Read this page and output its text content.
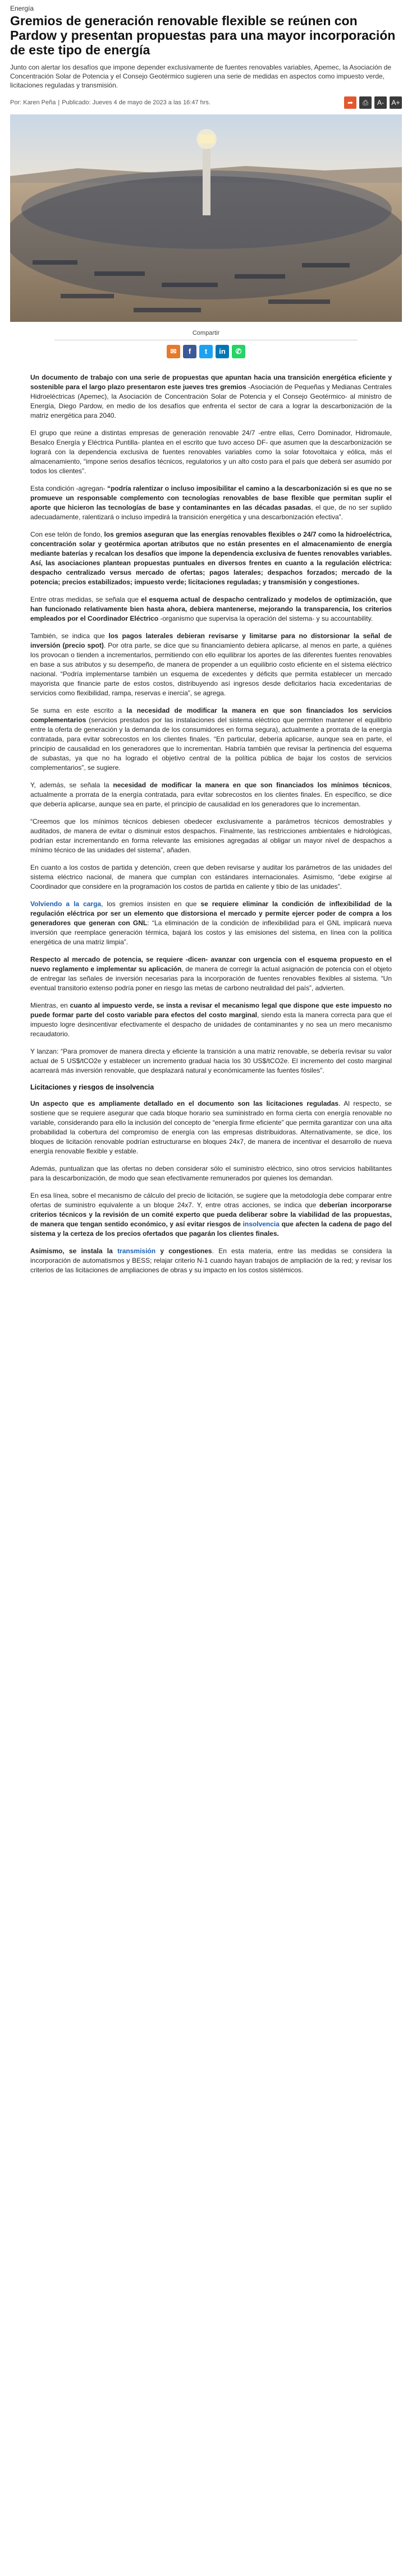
Energía
Gremios de generación renovable flexible se reúnen con Pardow y presentan propuestas para una mayor incorporación de este tipo de energía

Junto con alertar los desafíos que impone depender exclusivamente de fuentes renovables variables, Apemec, la Asociación de Concentración Solar de Potencia y el Consejo Geotérmico sugieren una serie de medidas en aspectos como impuesto verde, licitaciones reguladas y transmisión.

Por: Karen Peña | Publicado: Jueves 4 de mayo de 2023 a las 16:47 hrs.	➦	⎙	A-	A+
Compartir
✉	f	t	in	✆

Un documento de trabajo con una serie de propuestas que apuntan hacia una transición energética eficiente y sostenible para el largo plazo presentaron este jueves tres gremios -Asociación de Pequeñas y Medianas Centrales Hidroeléctricas (Apemec), la Asociación de Concentración Solar de Potencia y el Consejo Geotérmico- al ministro de Energía, Diego Pardow, en medio de los desafíos que enfrenta el sector de cara a lograr la descarbonización de la matriz energética para 2040.

El grupo que reúne a distintas empresas de generación renovable 24/7 -entre ellas, Cerro Dominador, Hidromaule, Besalco Energía y Eléctrica Puntilla- plantea en el escrito que tuvo acceso DF- que asumen que la descarbonización se logrará con la dependencia exclusiva de fuentes renovables variables como la solar fotovoltaica y eólica, más el almacenamiento, “impone serios desafíos técnicos, regulatorios y un alto costo para el país que deberá ser asumido por todos los clientes”.

Esta condición -agregan- “podría ralentizar o incluso imposibilitar el camino a la descarbonización si es que no se promueve un responsable complemento con tecnologías renovables de base flexible que permitan suplir el aporte que hicieron las tecnologías de base y contaminantes en las décadas pasadas, el que, de no ser suplido adecuadamente, ralentizará o incluso impedirá la transición energética y una descarbonización efectiva”.

Con ese telón de fondo, los gremios aseguran que las energías renovables flexibles o 24/7 como la hidroeléctrica, concentración solar y geotérmica aportan atributos que no están presentes en el almacenamiento de energía mediante baterías y recalcan los desafíos que impone la dependencia exclusiva de fuentes renovables variables. Así, las asociaciones plantean propuestas puntuales en diversos frentes en cuanto a la regulación eléctrica: despacho centralizado versus mercado de ofertas; pagos laterales; despachos forzados; mercado de la potencia; precios estabilizados; impuesto verde; licitaciones reguladas; y transmisión y congestiones.

Entre otras medidas, se señala que el esquema actual de despacho centralizado y modelos de optimización, que han funcionado relativamente bien hasta ahora, debiera mantenerse, mejorando la transparencia, los criterios empleados por el Coordinador Eléctrico -organismo que supervisa la operación del sistema- y su accountability.

También, se indica que los pagos laterales debieran revisarse y limitarse para no distorsionar la señal de inversión (precio spot). Por otra parte, se dice que su financiamiento debiera aplicarse, al menos en parte, a quiénes los provocan o tienden a incrementarlos, permitiendo con ello equilibrar los aportes de las diferentes fuentes renovables en base a sus atributos y su desempeño, de manera de propender a un equilibrio costo eficiente en el sistema eléctrico nacional. “Podría implementarse también un esquema de excedentes y déficits que permita establecer un mercado mayorista que financie parte de estos costos, distribuyendo así ingresos desde deficitarios hacia excedentarias de servicios como flexibilidad, rampa, reservas e inercia”, se agrega.

Se suma en este escrito a la necesidad de modificar la manera en que son financiados los servicios complementarios (servicios prestados por las instalaciones del sistema eléctrico que permiten mantener el equilibrio entre la oferta de generación y la demanda de los consumidores en forma segura), actualmente a prorrata de la energía contratada, para evitar sobrecostos en los clientes finales. “En particular, debería aplicarse, aunque sea en parte, el principio de causalidad en los generadores que lo incrementan. Habría también que revisar la pertinencia del esquema de subastas, ya que no ha logrado el objetivo central de la política pública de bajar los costos de servicios complementarios”, se sugiere.

Y, además, se señala la necesidad de modificar la manera en que son financiados los mínimos técnicos, actualmente a prorrata de la energía contratada, para evitar sobrecostos en los clientes finales. En específico, se dice que debería aplicarse, aunque sea en parte, el principio de causalidad en los generadores que lo incrementan.

“Creemos que los mínimos técnicos debiesen obedecer exclusivamente a parámetros técnicos demostrables y auditados, de manera de evitar o disminuir estos despachos. Finalmente, las restricciones ambientales e hidrológicas, podrían estar incrementando en forma relevante las emisiones agregadas al obligar un mayor nivel de despachos a mínimo técnico de las unidades del sistema”, añaden.

En cuanto a los costos de partida y detención, creen que deben revisarse y auditar los parámetros de las unidades del sistema eléctrico nacional, de manera que cumplan con estándares internacionales. Asimismo, “debe exigirse al Coordinador que considere en la programación los costos de partida en caliente y tibio de las unidades”.

Volviendo a la carga, los gremios insisten en que se requiere eliminar la condición de inflexibilidad de la regulación eléctrica por ser un elemento que distorsiona el mercado y permite ejercer poder de compra a los generadores que generan con GNL: “La eliminación de la condición de inflexibilidad para el GNL implicará nueva inversión que reemplace generación térmica, bajará los costos y las emisiones del sistema, en línea con la política energética de una matriz limpia”.

Respecto al mercado de potencia, se requiere -dicen- avanzar con urgencia con el esquema propuesto en el nuevo reglamento e implementar su aplicación, de manera de corregir la actual asignación de potencia con el objeto de entregar las señales de inversión necesarias para la incorporación de fuentes renovables flexibles al sistema. “Un eventual transitorio extenso podría poner en riesgo las metas de carbono neutralidad del país”, advierten.

Mientras, en cuanto al impuesto verde, se insta a revisar el mecanismo legal que dispone que este impuesto no puede formar parte del costo variable para efectos del costo marginal, siendo esta la manera correcta para que el impuesto logre desincentivar efectivamente el despacho de unidades de contaminantes y no sea un mero mecanismo recaudatorio.

Y lanzan: “Para promover de manera directa y eficiente la transición a una matriz renovable, se debería revisar su valor actual de 5 US$/tCO2e y establecer un incremento gradual hacia los 30 US$/tCO2e. El incremento del costo marginal acarreará más inversión renovable, que desplazará natural y económicamente las fuentes fósiles”.

Licitaciones y riesgos de insolvencia

Un aspecto que es ampliamente detallado en el documento son las licitaciones reguladas. Al respecto, se sostiene que se requiere asegurar que cada bloque horario sea suministrado en forma cierta con energía renovable no variable, considerando para ello la inclusión del concepto de “energía firme eficiente” que permita garantizar con una alta probabilidad la cobertura del compromiso de energía con las empresas distribuidoras. Alternativamente, se dice, los bloques de licitación renovable podrían estructurarse en bloques 24x7, de manera de incentivar el desarrollo de nueva energía renovable flexible y estable.

Además, puntualizan que las ofertas no deben considerar sólo el suministro eléctrico, sino otros servicios habilitantes para la descarbonización, de modo que sean efectivamente remunerados por quienes los demandan.

En esa línea, sobre el mecanismo de cálculo del precio de licitación, se sugiere que la metodología debe comparar entre ofertas de suministro equivalente a un bloque 24x7. Y, entre otras acciones, se indica que deberían incorporarse criterios técnicos y la revisión de un comité experto que pueda deliberar sobre la viabilidad de las propuestas, de manera que tengan sentido económico, y así evitar riesgos de insolvencia que afecten la cadena de pago del sistema y la certeza de los precios ofertados que pagarán los clientes finales.

Asimismo, se instala la transmisión y congestiones. En esta materia, entre las medidas se considera la incorporación de automatismos y BESS; relajar criterio N-1 cuando hayan trabajos de ampliación de la red; y revisar los criterios de las licitaciones de ampliaciones de obras y su impacto en los costos sistémicos.
